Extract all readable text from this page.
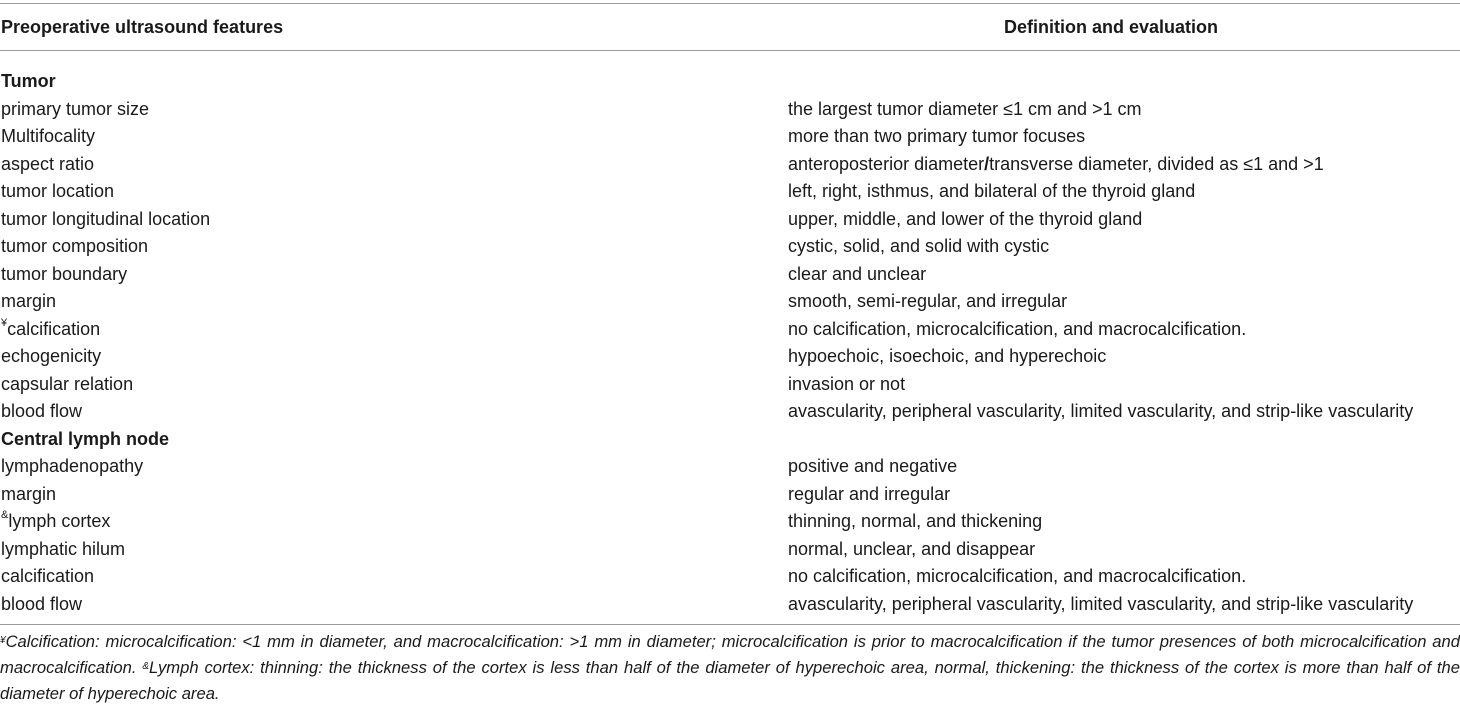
Preoperative ultrasound features	Definition and evaluation
Tumor
primary tumor size	the largest tumor diameter ≤1 cm and >1 cm
Multifocality	more than two primary tumor focuses
aspect ratio	anteroposterior diameter/transverse diameter, divided as ≤1 and >1
tumor location	left, right, isthmus, and bilateral of the thyroid gland
tumor longitudinal location	upper, middle, and lower of the thyroid gland
tumor composition	cystic, solid, and solid with cystic
tumor boundary	clear and unclear
margin	smooth, semi-regular, and irregular
¥calcification	no calcification, microcalcification, and macrocalcification.
echogenicity	hypoechoic, isoechoic, and hyperechoic
capsular relation	invasion or not
blood flow	avascularity, peripheral vascularity, limited vascularity, and strip-like vascularity
Central lymph node
lymphadenopathy	positive and negative
margin	regular and irregular
&lymph cortex	thinning, normal, and thickening
lymphatic hilum	normal, unclear, and disappear
calcification	no calcification, microcalcification, and macrocalcification.
blood flow	avascularity, peripheral vascularity, limited vascularity, and strip-like vascularity
¥Calcification: microcalcification: <1 mm in diameter, and macrocalcification: >1 mm in diameter; microcalcification is prior to macrocalcification if the tumor presences of both microcalcification and macrocalcification. &Lymph cortex: thinning: the thickness of the cortex is less than half of the diameter of hyperechoic area, normal, thickening: the thickness of the cortex is more than half of the diameter of hyperechoic area.
